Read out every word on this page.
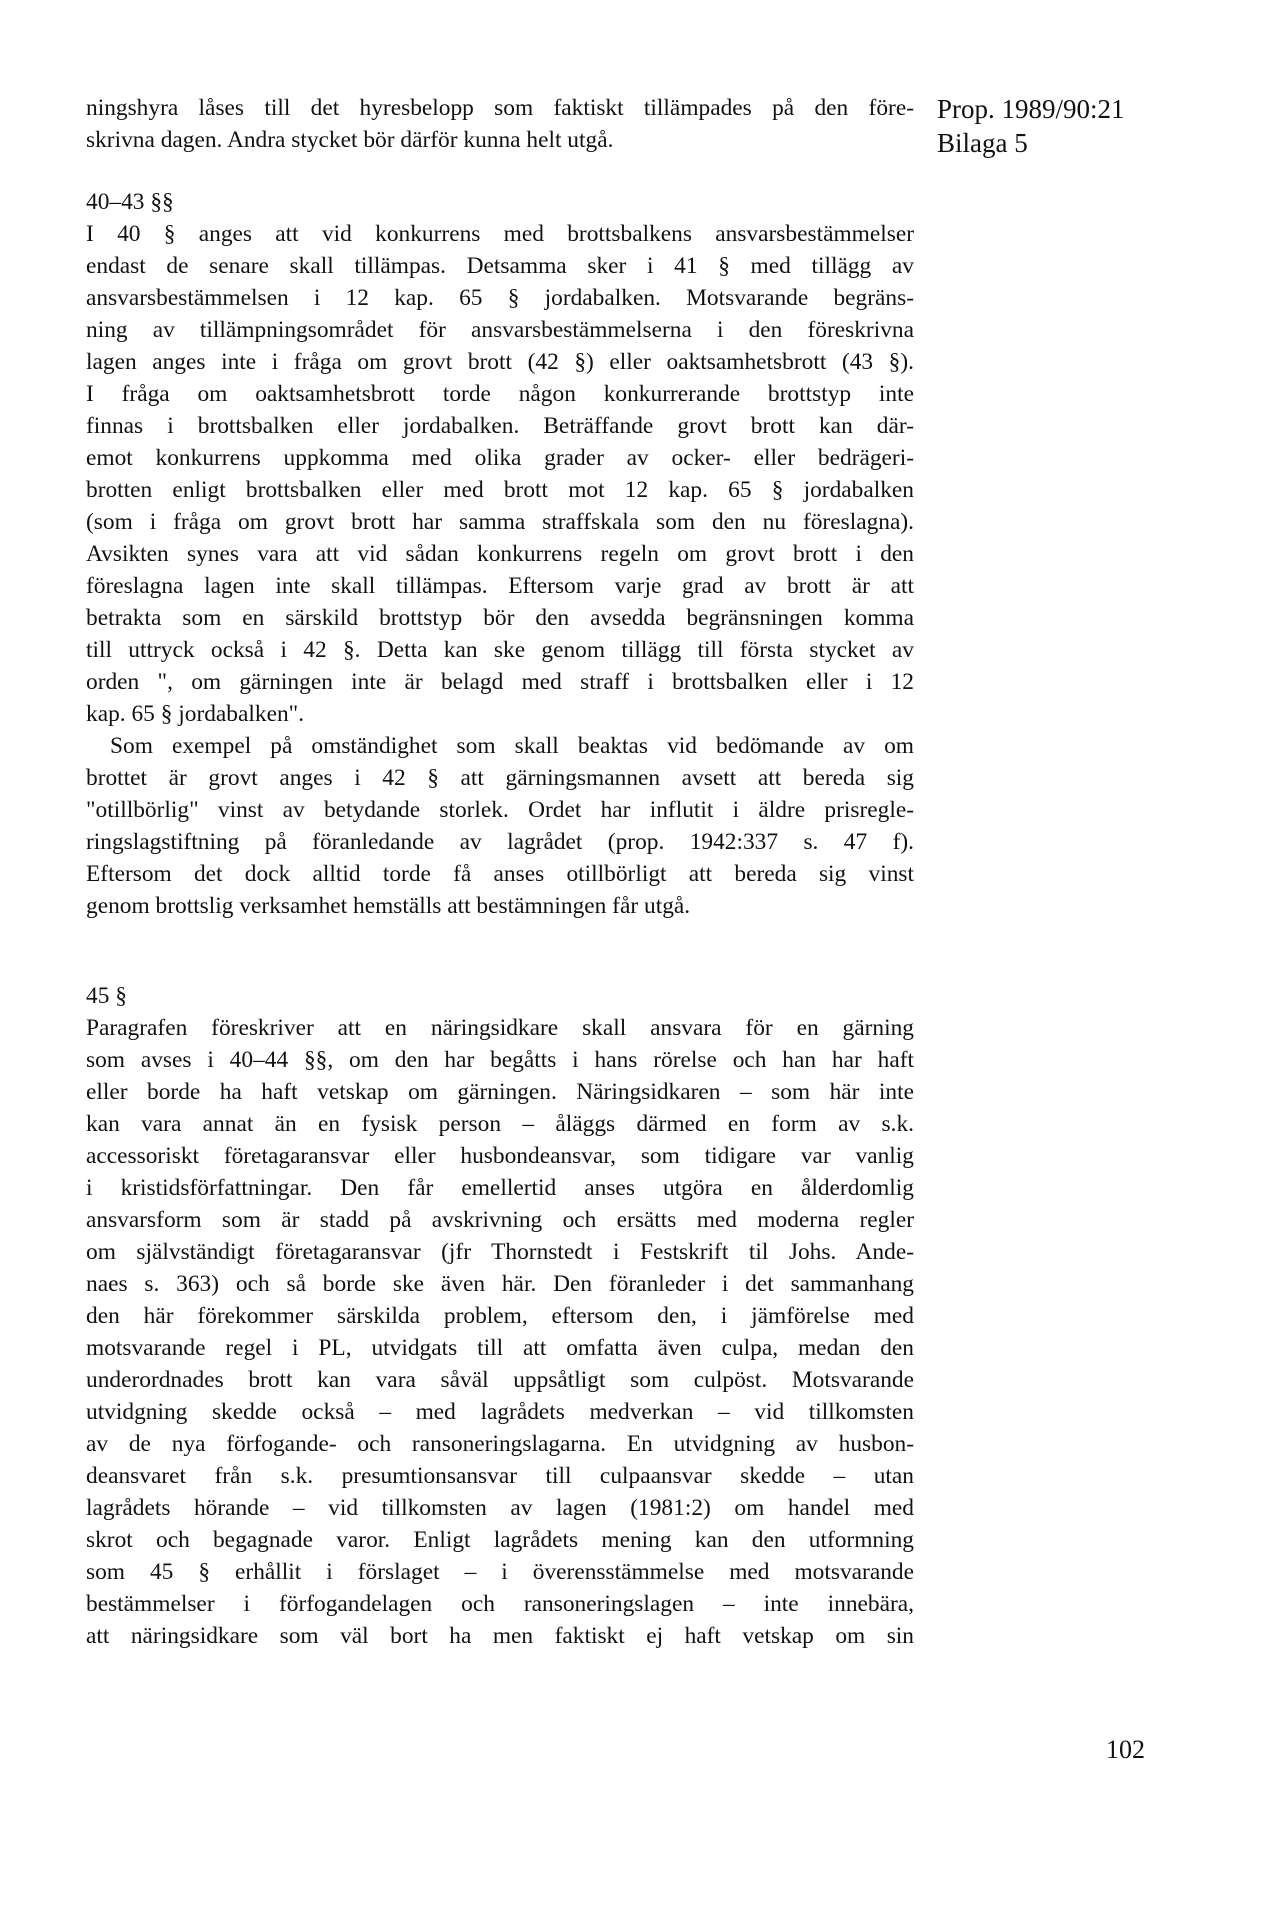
Prop. 1989/90:21
Bilaga 5

ningshyra låses till det hyresbelopp som faktiskt tillämpades på den före-

skrivna dagen. Andra stycket bör därför kunna helt utgå.

40–43 §§

I 40 § anges att vid konkurrens med brottsbalkens ansvarsbestämmelser

endast de senare skall tillämpas. Detsamma sker i 41 § med tillägg av

ansvarsbestämmelsen i 12 kap. 65 § jordabalken. Motsvarande begräns-

ning av tillämpningsområdet för ansvarsbestämmelserna i den föreskrivna

lagen anges inte i fråga om grovt brott (42 §) eller oaktsamhetsbrott (43 §).

I fråga om oaktsamhetsbrott torde någon konkurrerande brottstyp inte

finnas i brottsbalken eller jordabalken. Beträffande grovt brott kan där-

emot konkurrens uppkomma med olika grader av ocker- eller bedrägeri-

brotten enligt brottsbalken eller med brott mot 12 kap. 65 § jordabalken

(som i fråga om grovt brott har samma straffskala som den nu föreslagna).

Avsikten synes vara att vid sådan konkurrens regeln om grovt brott i den

föreslagna lagen inte skall tillämpas. Eftersom varje grad av brott är att

betrakta som en särskild brottstyp bör den avsedda begränsningen komma

till uttryck också i 42 §. Detta kan ske genom tillägg till första stycket av

orden ", om gärningen inte är belagd med straff i brottsbalken eller i 12

kap. 65 § jordabalken".

Som exempel på omständighet som skall beaktas vid bedömande av om

brottet är grovt anges i 42 § att gärningsmannen avsett att bereda sig

"otillbörlig" vinst av betydande storlek. Ordet har influtit i äldre prisregle-

ringslagstiftning på föranledande av lagrådet (prop. 1942:337 s. 47 f).

Eftersom det dock alltid torde få anses otillbörligt att bereda sig vinst

genom brottslig verksamhet hemställs att bestämningen får utgå.

45 §

Paragrafen föreskriver att en näringsidkare skall ansvara för en gärning

som avses i 40–44 §§, om den har begåtts i hans rörelse och han har haft

eller borde ha haft vetskap om gärningen. Näringsidkaren – som här inte

kan vara annat än en fysisk person – åläggs därmed en form av s.k.

accessoriskt företagaransvar eller husbondeansvar, som tidigare var vanlig

i kristidsförfattningar. Den får emellertid anses utgöra en ålderdomlig

ansvarsform som är stadd på avskrivning och ersätts med moderna regler

om självständigt företagaransvar (jfr Thornstedt i Festskrift til Johs. Ande-

naes s. 363) och så borde ske även här. Den föranleder i det sammanhang

den här förekommer särskilda problem, eftersom den, i jämförelse med

motsvarande regel i PL, utvidgats till att omfatta även culpa, medan den

underordnades brott kan vara såväl uppsåtligt som culpöst. Motsvarande

utvidgning skedde också – med lagrådets medverkan – vid tillkomsten

av de nya förfogande- och ransoneringslagarna. En utvidgning av husbon-

deansvaret från s.k. presumtionsansvar till culpaansvar skedde – utan

lagrådets hörande – vid tillkomsten av lagen (1981:2) om handel med

skrot och begagnade varor. Enligt lagrådets mening kan den utformning

som 45 § erhållit i förslaget – i överensstämmelse med motsvarande

bestämmelser i förfogandelagen och ransoneringslagen – inte innebära,

att näringsidkare som väl bort ha men faktiskt ej haft vetskap om sin

102
